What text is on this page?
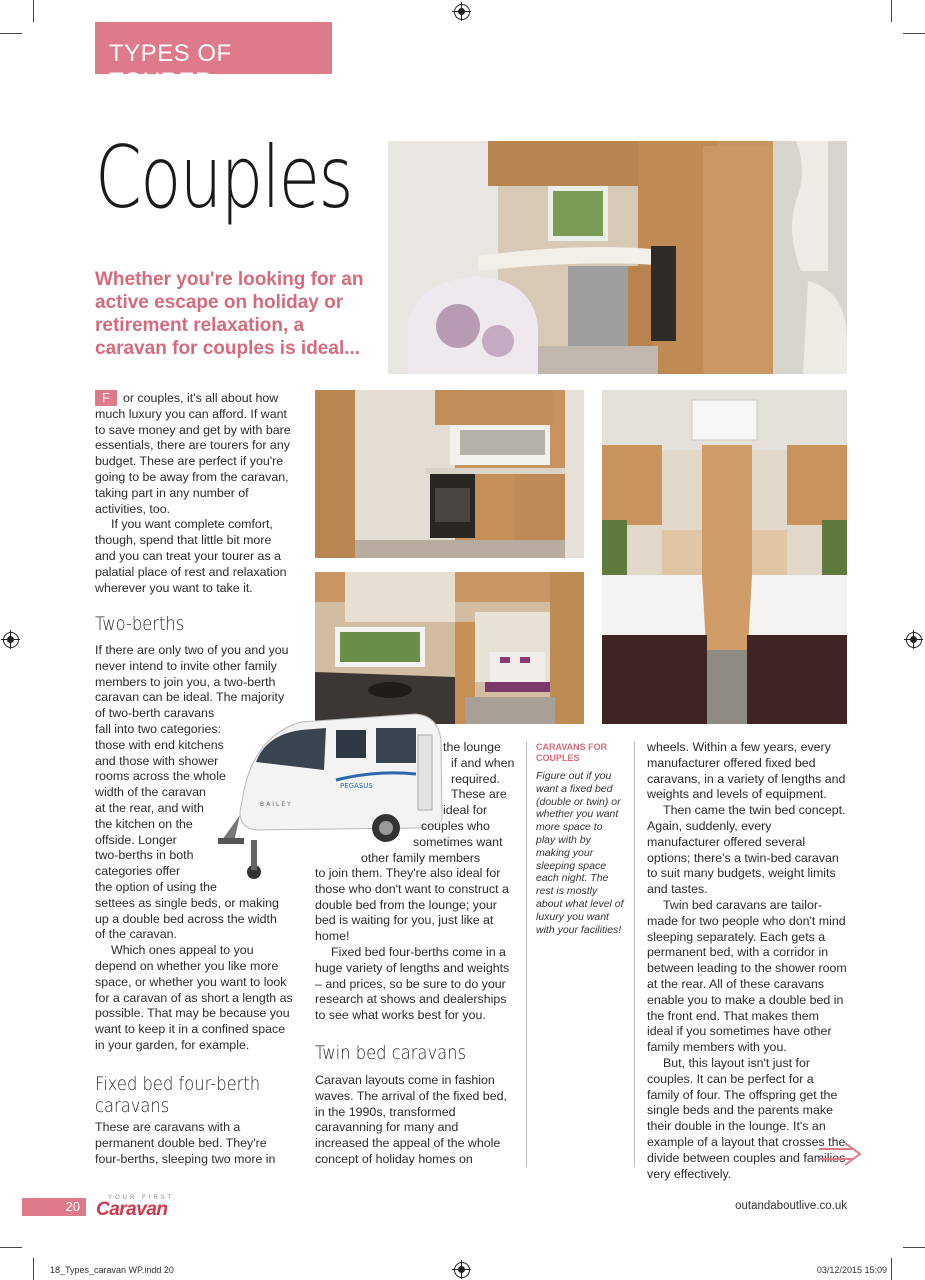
TYPES OF TOURER
Couples
Whether you're looking for an active escape on holiday or retirement relaxation, a caravan for couples is ideal...
PEGASUS
BAILEY

F or couples, it's all about how much luxury you can afford. If want to save money and get by with bare essentials, there are tourers for any budget. These are perfect if you're going to be away from the caravan, taking part in any number of activities, too.

If you want complete comfort, though, spend that little bit more and you can treat your tourer as a palatial place of rest and relaxation wherever you want to take it.

Two-berths
If there are only two of you and you
never intend to invite other family
members to join you, a two-berth
caravan can be ideal. The majority
of two-berth caravans
fall into two categories:
those with end kitchens
and those with shower
rooms across the whole
width of the caravan
at the rear, and with
the kitchen on the
offside. Longer
two-berths in both
categories offer
the option of using the
settees as single beds, or making
up a double bed across the width
of the caravan.

Which ones appeal to you depend on whether you like more space, or whether you want to look for a caravan of as short a length as possible. That may be because you want to keep it in a confined space in your garden, for example.

Fixed bed four-berth
caravans
These are caravans with a permanent double bed. They're four-berths, sleeping two more in
the lounge
if and when
required.
These are
ideal for
couples who
sometimes want
other family members

to join them. They're also ideal for those who don't want to construct a double bed from the lounge; your bed is waiting for you, just like at home!

Fixed bed four-berths come in a huge variety of lengths and weights – and prices, so be sure to do your research at shows and dealerships to see what works best for you.

Twin bed caravans
Caravan layouts come in fashion waves. The arrival of the fixed bed, in the 1990s, transformed caravanning for many and increased the appeal of the whole concept of holiday homes on
CARAVANS FOR
COUPLES
Figure out if you want a fixed bed (double or twin) or whether you want more space to play with by making your sleeping space each night. The rest is mostly about what level of luxury you want with your facilities!

wheels. Within a few years, every manufacturer offered fixed bed caravans, in a variety of lengths and weights and levels of equipment.

Then came the twin bed concept. Again, suddenly, every manufacturer offered several options; there's a twin-bed caravan to suit many budgets, weight limits and tastes.

Twin bed caravans are tailor-made for two people who don't mind sleeping separately. Each gets a permanent bed, with a corridor in between leading to the shower room at the rear. All of these caravans enable you to make a double bed in the front end. That makes them ideal if you sometimes have other family members with you.

But, this layout isn't just for couples. It can be perfect for a family of four. The offspring get the single beds and the parents make their double in the lounge. It's an example of a layout that crosses the divide between couples and families very effectively.

20
YOUR FIRST
Caravan	outandaboutlive.co.uk
18_Types_caravan WP.indd 20	03/12/2015 15:09
